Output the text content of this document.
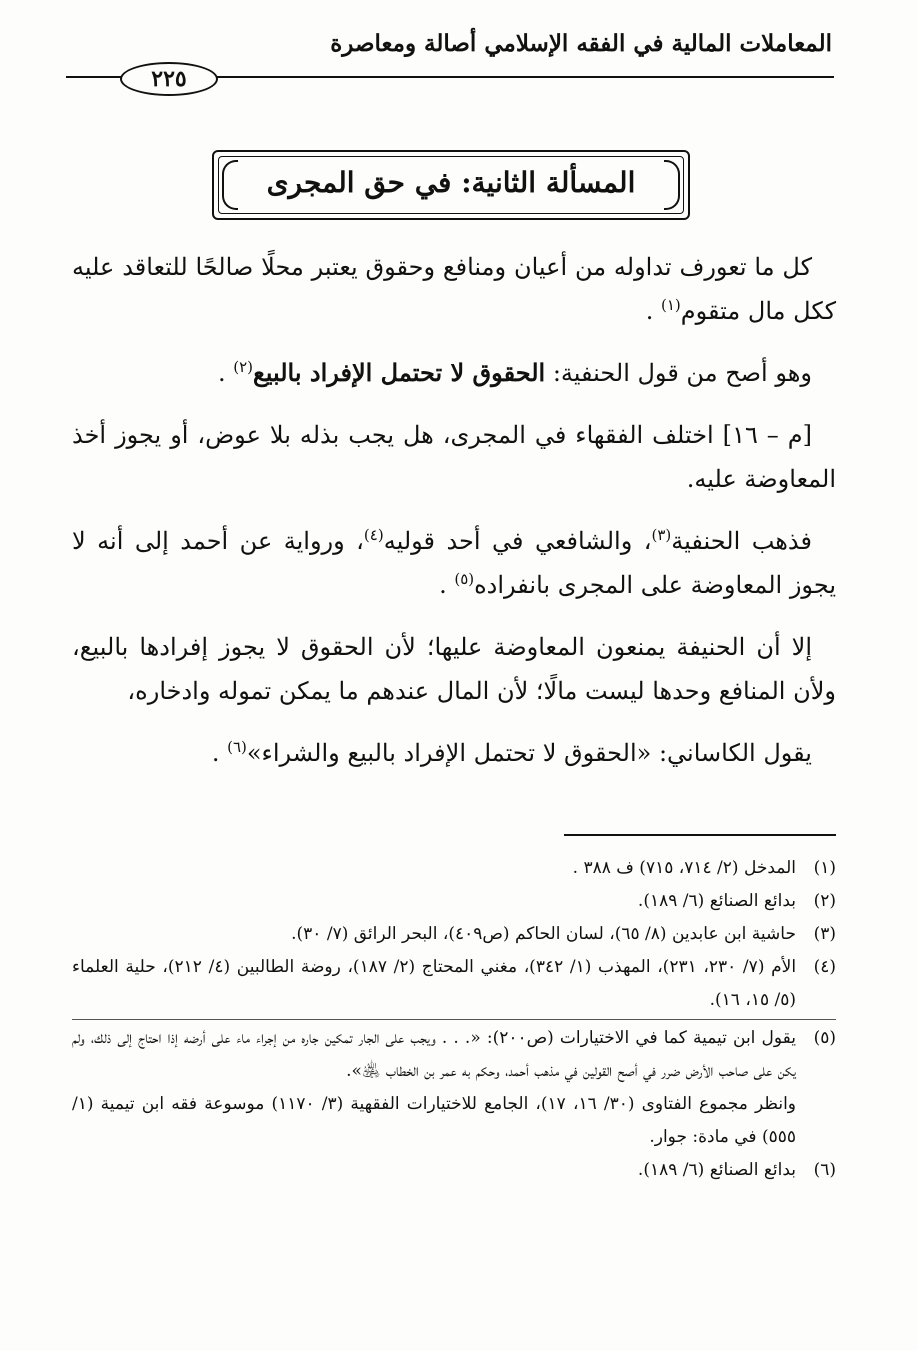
المعاملات المالية في الفقه الإسلامي أصالة ومعاصرة
٢٢٥
المسألة الثانية: في حق المجرى

كل ما تعورف تداوله من أعيان ومنافع وحقوق يعتبر محلًا صالحًا للتعاقد عليه ككل مال متقوم$^{(١)}$ .

وهو أصح من قول الحنفية: الحقوق لا تحتمل الإفراد بالبيع$^{(٢)}$ .

[م – ١٦] اختلف الفقهاء في المجرى، هل يجب بذله بلا عوض، أو يجوز أخذ المعاوضة عليه.

فذهب الحنفية$^{(٣)}$، والشافعي في أحد قوليه$^{(٤)}$، ورواية عن أحمد إلى أنه لا يجوز المعاوضة على المجرى بانفراده$^{(٥)}$ .

إلا أن الحنيفة يمنعون المعاوضة عليها؛ لأن الحقوق لا يجوز إفرادها بالبيع، ولأن المنافع وحدها ليست مالًا؛ لأن المال عندهم ما يمكن تموله وادخاره،

يقول الكاساني: «الحقوق لا تحتمل الإفراد بالبيع والشراء»$^{(٦)}$ .

(١)
المدخل (٢/ ٧١٤، ٧١٥) ف ٣٨٨ .
(٢)
بدائع الصنائع (٦/ ١٨٩).
(٣)
حاشية ابن عابدين (٨/ ٦٥)، لسان الحاكم (ص٤٠٩)، البحر الرائق (٧/ ٣٠).
(٤)
الأم (٧/ ٢٣٠، ٢٣١)، المهذب (١/ ٣٤٢)، مغني المحتاج (٢/ ١٨٧)، روضة الطالبين (٤/ ٢١٢)، حلية العلماء (٥/ ١٥، ١٦).
(٥)
يقول ابن تيمية كما في الاختيارات (ص٢٠٠): «. . . ويجب على الجار تمكين جاره من إجراء ماء على أرضه إذا احتاج إلى ذلك، ولم يكن على صاحب الأرض ضرر في أصح القولين في مذهب أحمد، وحكم به عمر بن الخطاب ﵁».
وانظر مجموع الفتاوى (٣٠/ ١٦، ١٧)، الجامع للاختيارات الفقهية (٣/ ١١٧٠) موسوعة فقه ابن تيمية (١/ ٥٥٥) في مادة: جوار.
(٦)
بدائع الصنائع (٦/ ١٨٩).
